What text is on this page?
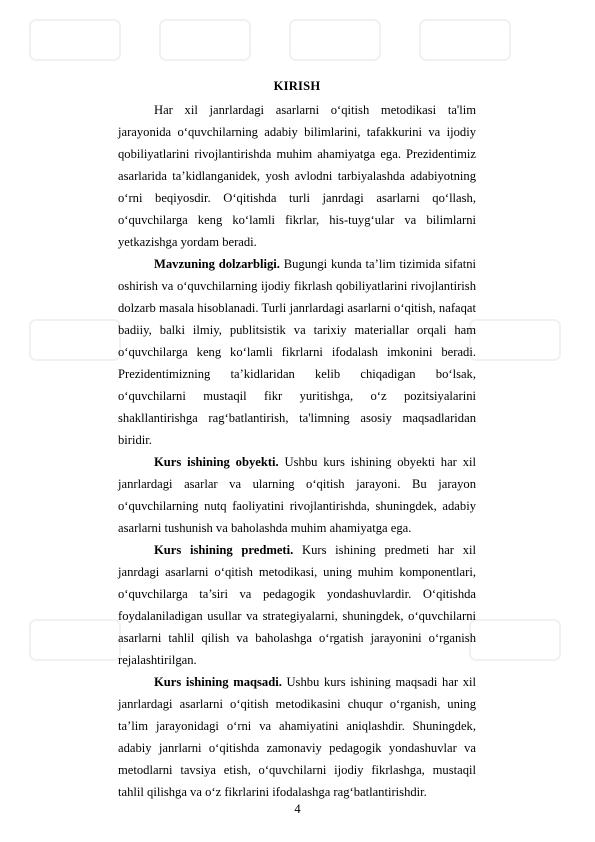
KIRISH

Har xil janrlardagi asarlarni o‘qitish metodikasi ta'lim jarayonida o‘quvchilarning adabiy bilimlarini, tafakkurini va ijodiy qobiliyatlarini rivojlantirishda muhim ahamiyatga ega. Prezidentimiz asarlarida ta’kidlanganidek, yosh avlodni tarbiyalashda adabiyotning o‘rni beqiyosdir. O‘qitishda turli janrdagi asarlarni qo‘llash, o‘quvchilarga keng ko‘lamli fikrlar, his-tuyg‘ular va bilimlarni yetkazishga yordam beradi.

Mavzuning dolzarbligi. Bugungi kunda ta’lim tizimida sifatni oshirish va o‘quvchilarning ijodiy fikrlash qobiliyatlarini rivojlantirish dolzarb masala hisoblanadi. Turli janrlardagi asarlarni o‘qitish, nafaqat badiiy, balki ilmiy, publitsistik va tarixiy materiallar orqali ham o‘quvchilarga keng ko‘lamli fikrlarni ifodalash imkonini beradi. Prezidentimizning ta’kidlaridan kelib chiqadigan bo‘lsak, o‘quvchilarni mustaqil fikr yuritishga, o‘z pozitsiyalarini shakllantirishga rag‘batlantirish, ta'limning asosiy maqsadlaridan biridir.

Kurs ishining obyekti. Ushbu kurs ishining obyekti har xil janrlardagi asarlar va ularning o‘qitish jarayoni. Bu jarayon o‘quvchilarning nutq faoliyatini rivojlantirishda, shuningdek, adabiy asarlarni tushunish va baholashda muhim ahamiyatga ega.

Kurs ishining predmeti. Kurs ishining predmeti har xil janrdagi asarlarni o‘qitish metodikasi, uning muhim komponentlari, o‘quvchilarga ta’siri va pedagogik yondashuvlardir. O‘qitishda foydalaniladigan usullar va strategiyalarni, shuningdek, o‘quvchilarni asarlarni tahlil qilish va baholashga o‘rgatish jarayonini o‘rganish rejalashtirilgan.

Kurs ishining maqsadi. Ushbu kurs ishining maqsadi har xil janrlardagi asarlarni o‘qitish metodikasini chuqur o‘rganish, uning ta’lim jarayonidagi o‘rni va ahamiyatini aniqlashdir. Shuningdek, adabiy janrlarni o‘qitishda zamonaviy pedagogik yondashuvlar va metodlarni tavsiya etish, o‘quvchilarni ijodiy fikrlashga, mustaqil tahlil qilishga va o‘z fikrlarini ifodalashga rag‘batlantirishdir.

4
